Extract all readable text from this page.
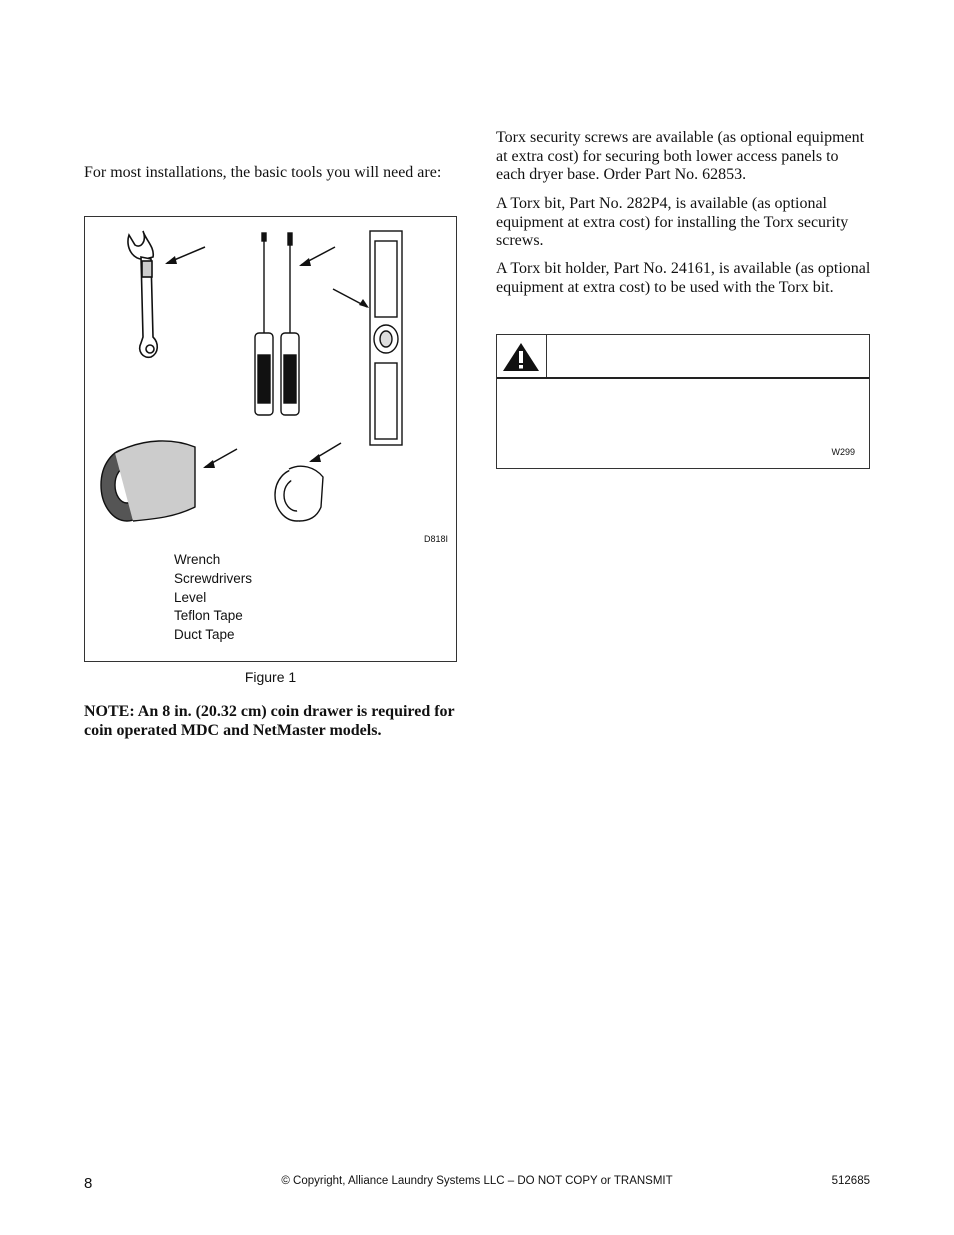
For most installations, the basic tools you will need are:

D818I
Wrench
Screwdrivers
Level
Teflon Tape
Duct Tape
Figure 1

NOTE: An 8 in. (20.32 cm) coin drawer is required for coin operated MDC and NetMaster models.

Torx security screws are available (as optional equipment at extra cost) for securing both lower access panels to each dryer base. Order Part No. 62853.

A Torx bit, Part No. 282P4, is available (as optional equipment at extra cost) for installing the Torx security screws.

A Torx bit holder, Part No. 24161, is available (as optional equipment at extra cost) to be used with the Torx bit.

W299
8	© Copyright, Alliance Laundry Systems LLC – DO NOT COPY or TRANSMIT	512685
